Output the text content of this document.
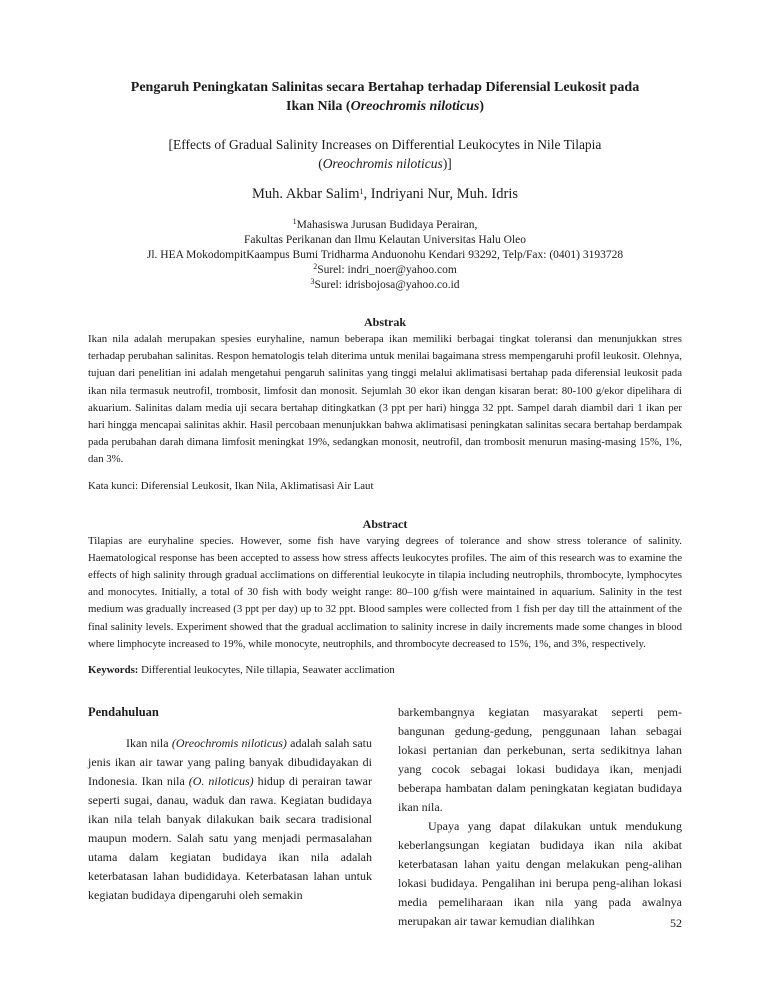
Pengaruh Peningkatan Salinitas secara Bertahap terhadap Diferensial Leukosit pada
Ikan Nila (Oreochromis niloticus)
[Effects of Gradual Salinity Increases on Differential Leukocytes in Nile Tilapia
(Oreochromis niloticus)]
Muh. Akbar Salim$^1$, Indriyani Nur, Muh. Idris
$^1$Mahasiswa Jurusan Budidaya Perairan,
Fakultas Perikanan dan Ilmu Kelautan Universitas Halu Oleo
Jl. HEA MokodompitKaampus Bumi Tridharma Anduonohu Kendari 93292, Telp/Fax: (0401) 3193728
$^2$Surel: indri_noer@yahoo.com
$^3$Surel: idrisbojosa@yahoo.co.id
Abstrak
Ikan nila adalah merupakan spesies euryhaline, namun beberapa ikan memiliki berbagai tingkat toleransi dan menunjukkan stres terhadap perubahan salinitas. Respon hematologis telah diterima untuk menilai bagaimana stress mempengaruhi profil leukosit. Olehnya, tujuan dari penelitian ini adalah mengetahui pengaruh salinitas yang tinggi melalui aklimatisasi bertahap pada diferensial leukosit pada ikan nila termasuk neutrofil, trombosit, limfosit dan monosit. Sejumlah 30 ekor ikan dengan kisaran berat: 80-100 g/ekor dipelihara di akuarium. Salinitas dalam media uji secara bertahap ditingkatkan (3 ppt per hari) hingga 32 ppt. Sampel darah diambil dari 1 ikan per hari hingga mencapai salinitas akhir. Hasil percobaan menunjukkan bahwa aklimatisasi peningkatan salinitas secara bertahap berdampak pada perubahan darah dimana limfosit meningkat 19%, sedangkan monosit, neutrofil, dan trombosit menurun masing-masing 15%, 1%, dan 3%.
Kata kunci: Diferensial Leukosit, Ikan Nila, Aklimatisasi Air Laut
Abstract
Tilapias are euryhaline species. However, some fish have varying degrees of tolerance and show stress tolerance of salinity. Haematological response has been accepted to assess how stress affects leukocytes profiles. The aim of this research was to examine the effects of high salinity through gradual acclimations on differential leukocyte in tilapia including neutrophils, thrombocyte, lymphocytes and monocytes. Initially, a total of 30 fish with body weight range: 80–100 g/fish were maintained in aquarium. Salinity in the test medium was gradually increased (3 ppt per day) up to 32 ppt. Blood samples were collected from 1 fish per day till the attainment of the final salinity levels. Experiment showed that the gradual acclimation to salinity increse in daily increments made some changes in blood where limphocyte increased to 19%, while monocyte, neutrophils, and thrombocyte decreased to 15%, 1%, and 3%, respectively.
Keywords: Differential leukocytes, Nile tillapia, Seawater acclimation
Pendahuluan

Ikan nila (Oreochromis niloticus) adalah salah satu jenis ikan air tawar yang paling banyak dibudidayakan di Indonesia. Ikan nila (O. niloticus) hidup di perairan tawar seperti sugai, danau, waduk dan rawa. Kegiatan budidaya ikan nila telah banyak dilakukan baik secara tradisional maupun modern. Salah satu yang menjadi permasalahan utama dalam kegiatan budidaya ikan nila adalah keterbatasan lahan budididaya. Keterbatasan lahan untuk kegiatan budidaya dipengaruhi oleh semakin

barkembangnya kegiatan masyarakat seperti pem-bangunan gedung-gedung, penggunaan lahan sebagai lokasi pertanian dan perkebunan, serta sedikitnya lahan yang cocok sebagai lokasi budidaya ikan, menjadi beberapa hambatan dalam peningkatan kegiatan budidaya ikan nila.

Upaya yang dapat dilakukan untuk mendukung keberlangsungan kegiatan budidaya ikan nila akibat keterbatasan lahan yaitu dengan melakukan peng-alihan lokasi budidaya. Pengalihan ini berupa peng-alihan lokasi media pemeliharaan ikan nila yang pada awalnya merupakan air tawar kemudian dialihkan	52
